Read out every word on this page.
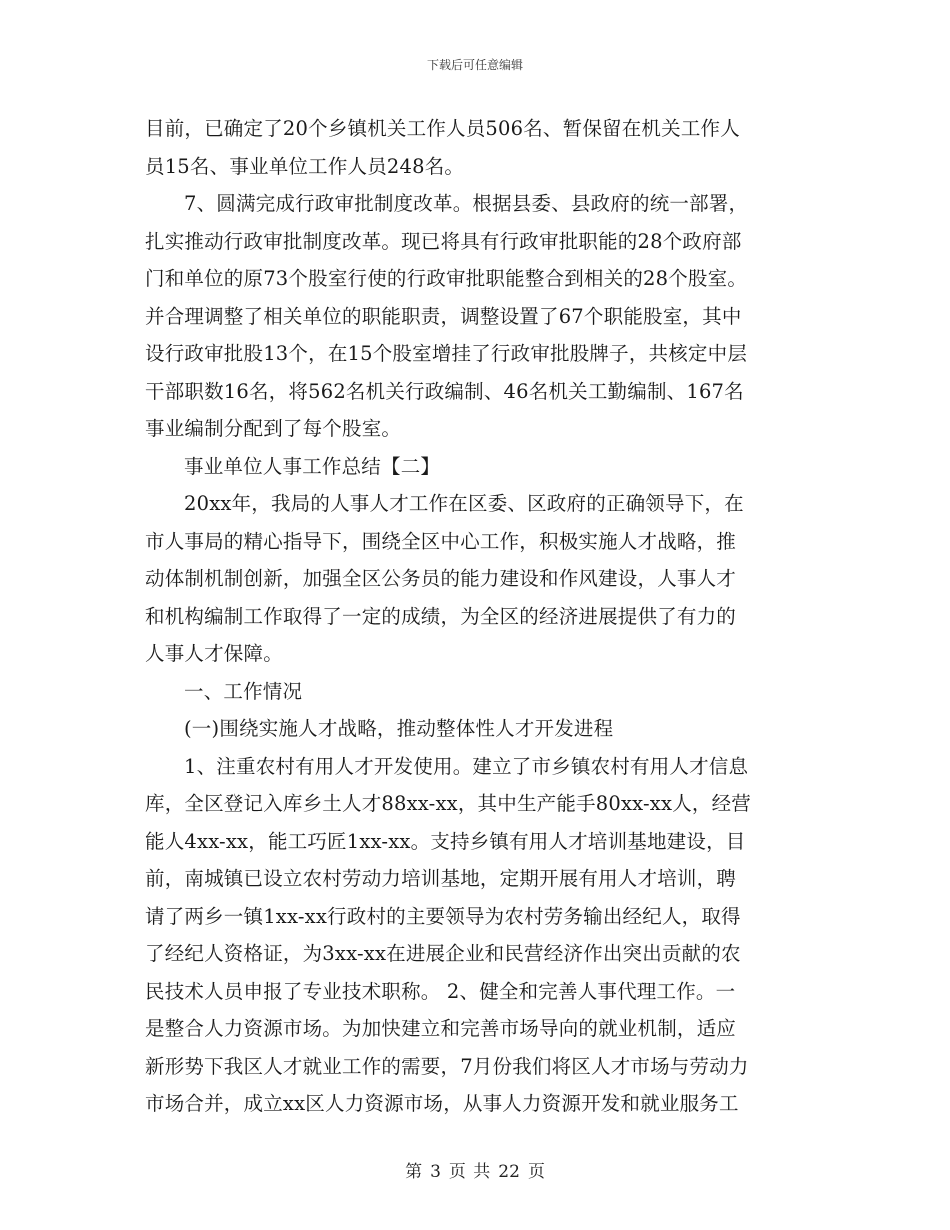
下载后可任意编辑
目前，已确定了20个乡镇机关工作人员506名、暂保留在机关工作人
员15名、事业单位工作人员248名。
7、圆满完成行政审批制度改革。根据县委、县政府的统一部署，
扎实推动行政审批制度改革。现已将具有行政审批职能的28个政府部
门和单位的原73个股室行使的行政审批职能整合到相关的28个股室。
并合理调整了相关单位的职能职责，调整设置了67个职能股室，其中
设行政审批股13个，在15个股室增挂了行政审批股牌子，共核定中层
干部职数16名，将562名机关行政编制、46名机关工勤编制、167名
事业编制分配到了每个股室。
事业单位人事工作总结【二】
20xx年，我局的人事人才工作在区委、区政府的正确领导下，在
市人事局的精心指导下，围绕全区中心工作，积极实施人才战略，推
动体制机制创新，加强全区公务员的能力建设和作风建设，人事人才
和机构编制工作取得了一定的成绩，为全区的经济进展提供了有力的
人事人才保障。
一、工作情况
(一)围绕实施人才战略，推动整体性人才开发进程
1、注重农村有用人才开发使用。建立了市乡镇农村有用人才信息
库，全区登记入库乡土人才88xx-xx，其中生产能手80xx-xx人，经营
能人4xx-xx，能工巧匠1xx-xx。支持乡镇有用人才培训基地建设，目
前，南城镇已设立农村劳动力培训基地，定期开展有用人才培训，聘
请了两乡一镇1xx-xx行政村的主要领导为农村劳务输出经纪人，取得
了经纪人资格证，为3xx-xx在进展企业和民营经济作出突出贡献的农
民技术人员申报了专业技术职称。 2、健全和完善人事代理工作。一
是整合人力资源市场。为加快建立和完善市场导向的就业机制，适应
新形势下我区人才就业工作的需要，7月份我们将区人才市场与劳动力
市场合并，成立xx区人力资源市场，从事人力资源开发和就业服务工
第 3 页 共 22 页
